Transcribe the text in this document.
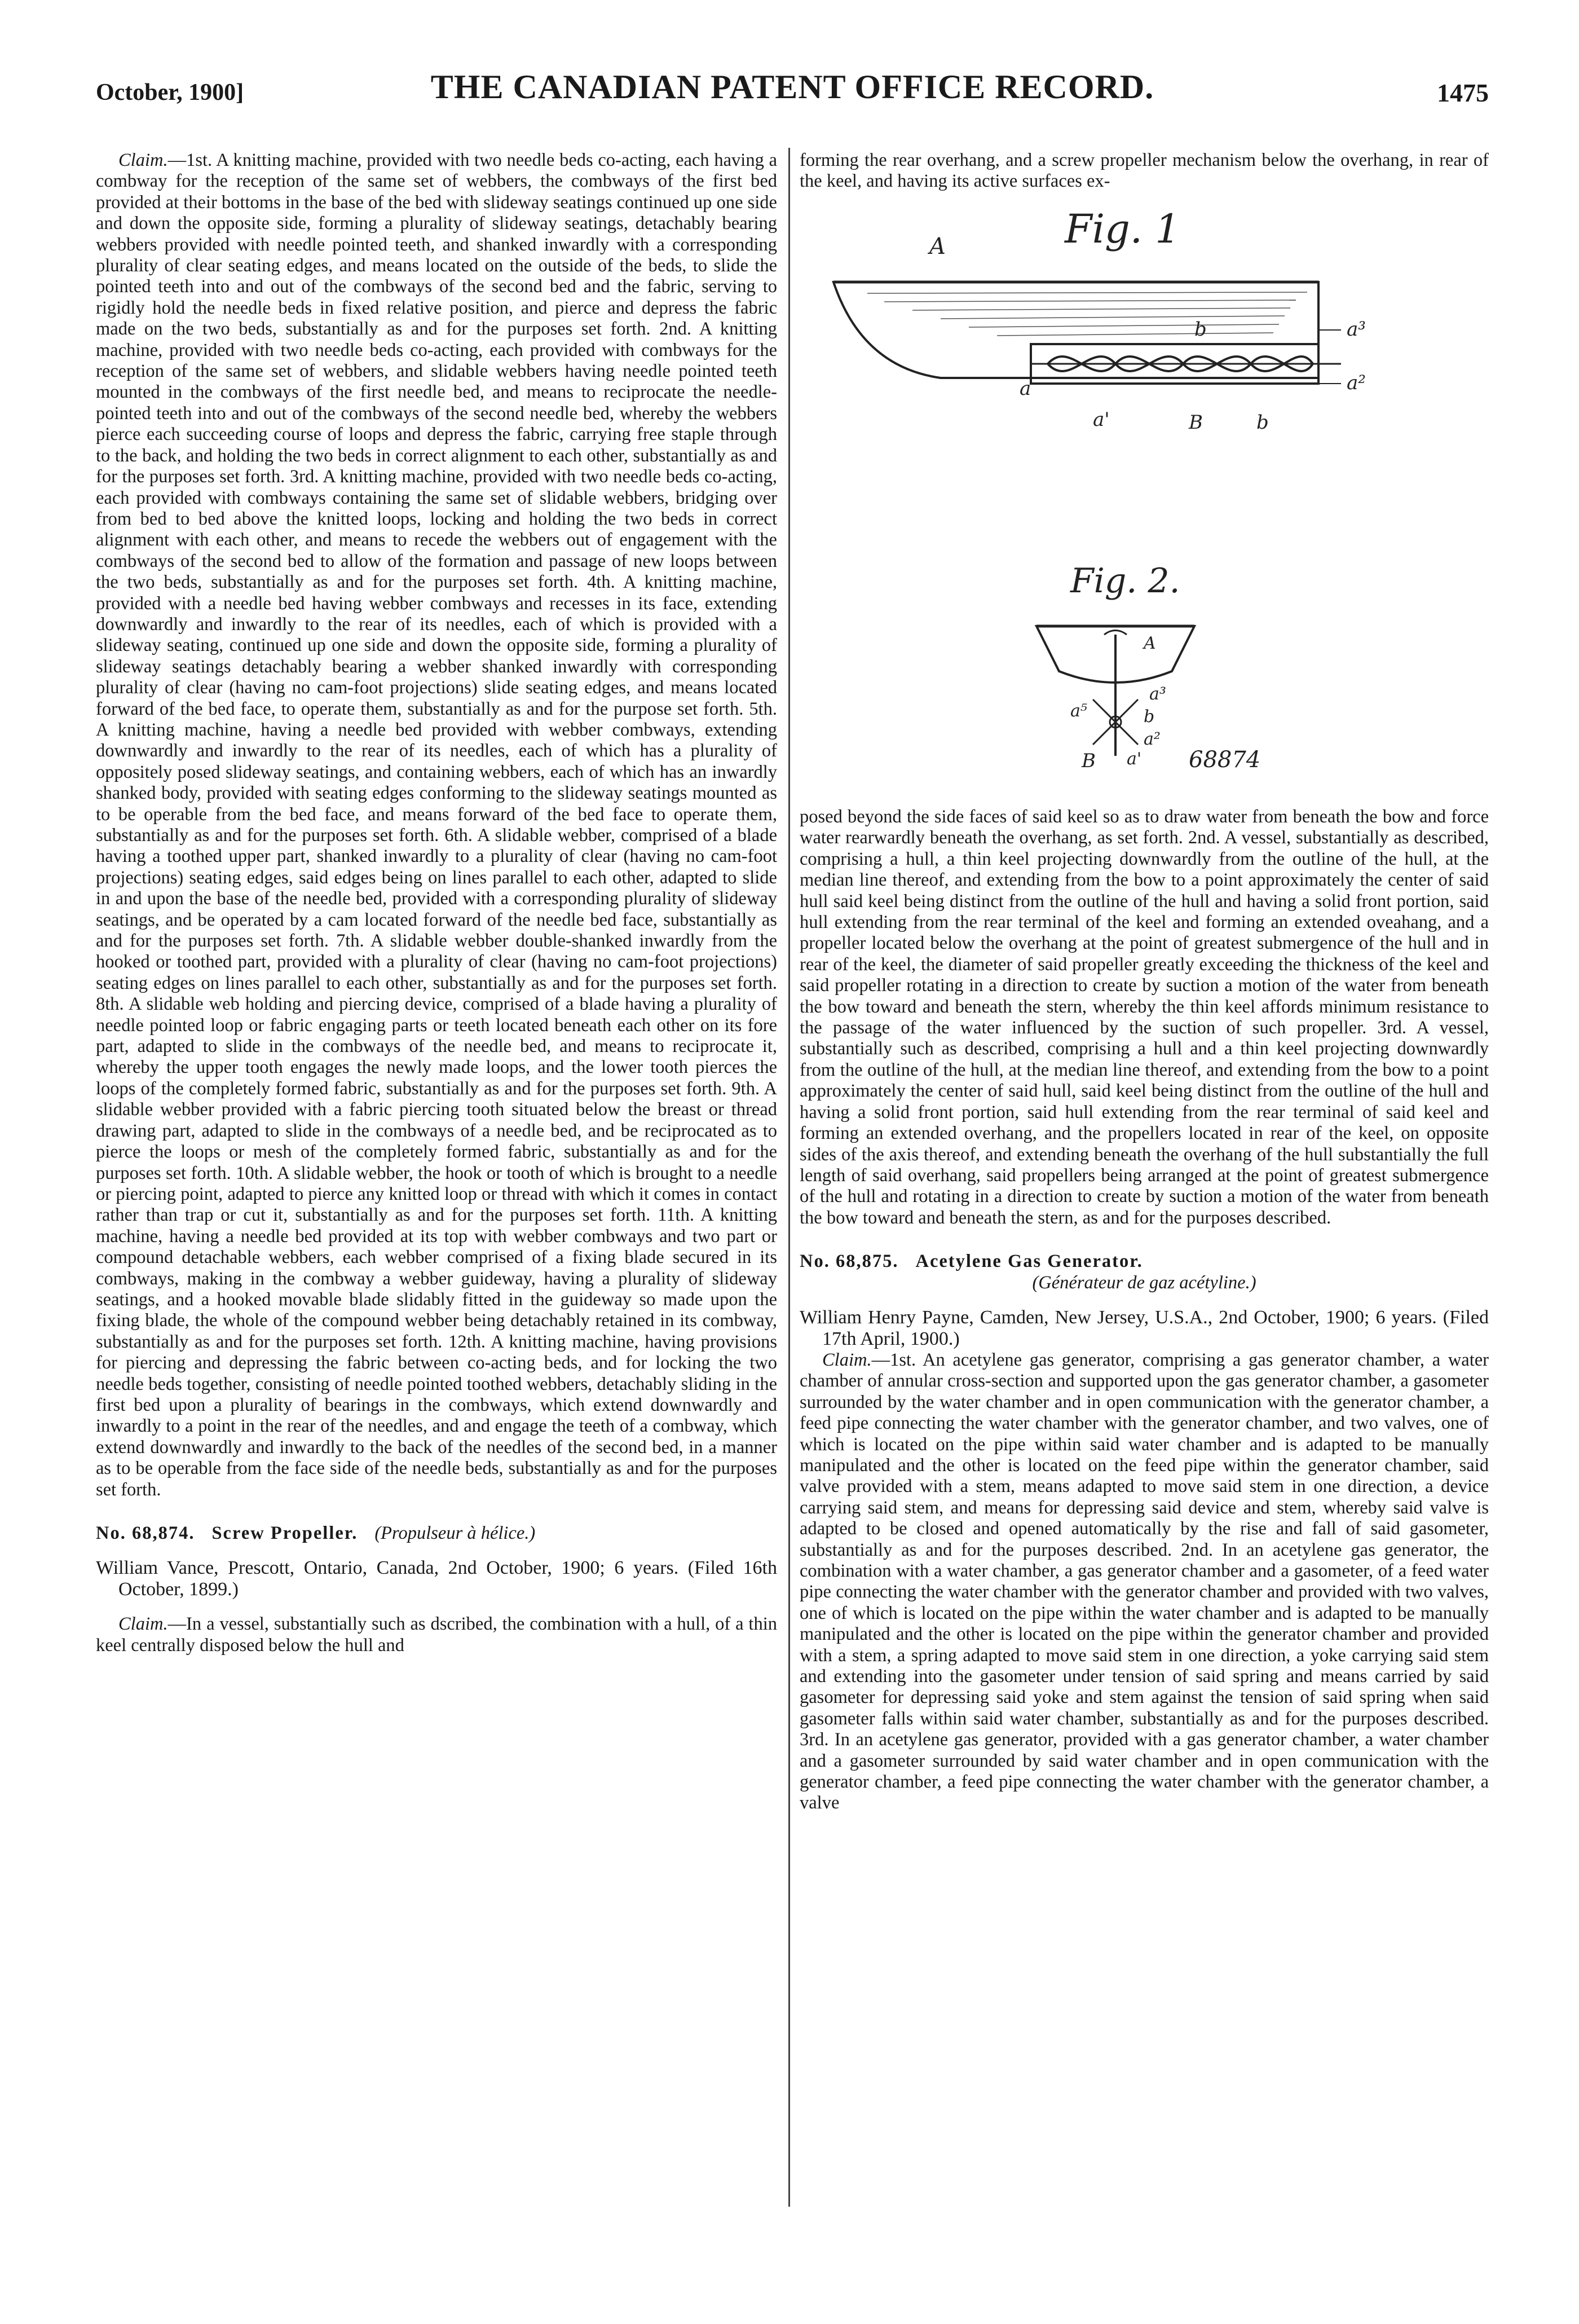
October, 1900]	THE CANADIAN PATENT OFFICE RECORD.	1475

Claim.—1st. A knitting machine, provided with two needle beds co-acting, each having a combway for the reception of the same set of webbers, the combways of the first bed provided at their bottoms in the base of the bed with slideway seatings continued up one side and down the opposite side, forming a plurality of slideway seatings, detachably bearing webbers provided with needle pointed teeth, and shanked inwardly with a corresponding plurality of clear seating edges, and means located on the outside of the beds, to slide the pointed teeth into and out of the combways of the second bed and the fabric, serving to rigidly hold the needle beds in fixed relative position, and pierce and depress the fabric made on the two beds, substantially as and for the purposes set forth. 2nd. A knitting machine, provided with two needle beds co-acting, each provided with combways for the reception of the same set of webbers, and slidable webbers having needle pointed teeth mounted in the combways of the first needle bed, and means to reciprocate the needle-pointed teeth into and out of the combways of the second needle bed, whereby the webbers pierce each succeeding course of loops and depress the fabric, carrying free staple through to the back, and holding the two beds in correct alignment to each other, substantially as and for the purposes set forth. 3rd. A knitting machine, provided with two needle beds co-acting, each provided with combways containing the same set of slidable webbers, bridging over from bed to bed above the knitted loops, locking and holding the two beds in correct alignment with each other, and means to recede the webbers out of engagement with the combways of the second bed to allow of the formation and passage of new loops between the two beds, substantially as and for the purposes set forth. 4th. A knitting machine, provided with a needle bed having webber combways and recesses in its face, extending downwardly and inwardly to the rear of its needles, each of which is provided with a slideway seating, continued up one side and down the opposite side, forming a plurality of slideway seatings detachably bearing a webber shanked inwardly with corresponding plurality of clear (having no cam-foot projections) slide seating edges, and means located forward of the bed face, to operate them, substantially as and for the purpose set forth. 5th. A knitting machine, having a needle bed provided with webber combways, extending downwardly and inwardly to the rear of its needles, each of which has a plurality of oppositely posed slideway seatings, and containing webbers, each of which has an inwardly shanked body, provided with seating edges conforming to the slideway seatings mounted as to be operable from the bed face, and means forward of the bed face to operate them, substantially as and for the purposes set forth. 6th. A slidable webber, comprised of a blade having a toothed upper part, shanked inwardly to a plurality of clear (having no cam-foot projections) seating edges, said edges being on lines parallel to each other, adapted to slide in and upon the base of the needle bed, provided with a corresponding plurality of slideway seatings, and be operated by a cam located forward of the needle bed face, substantially as and for the purposes set forth. 7th. A slidable webber double-shanked inwardly from the hooked or toothed part, provided with a plurality of clear (having no cam-foot projections) seating edges on lines parallel to each other, substantially as and for the purposes set forth. 8th. A slidable web holding and piercing device, comprised of a blade having a plurality of needle pointed loop or fabric engaging parts or teeth located beneath each other on its fore part, adapted to slide in the combways of the needle bed, and means to reciprocate it, whereby the upper tooth engages the newly made loops, and the lower tooth pierces the loops of the completely formed fabric, substantially as and for the purposes set forth. 9th. A slidable webber provided with a fabric piercing tooth situated below the breast or thread drawing part, adapted to slide in the combways of a needle bed, and be reciprocated as to pierce the loops or mesh of the completely formed fabric, substantially as and for the purposes set forth. 10th. A slidable webber, the hook or tooth of which is brought to a needle or piercing point, adapted to pierce any knitted loop or thread with which it comes in contact rather than trap or cut it, substantially as and for the purposes set forth. 11th. A knitting machine, having a needle bed provided at its top with webber combways and two part or compound detachable webbers, each webber comprised of a fixing blade secured in its combways, making in the combway a webber guideway, having a plurality of slideway seatings, and a hooked movable blade slidably fitted in the guideway so made upon the fixing blade, the whole of the compound webber being detachably retained in its combway, substantially as and for the purposes set forth. 12th. A knitting machine, having provisions for piercing and depressing the fabric between co-acting beds, and for locking the two needle beds together, consisting of needle pointed toothed webbers, detachably sliding in the first bed upon a plurality of bearings in the combways, which extend downwardly and inwardly to a point in the rear of the needles, and and engage the teeth of a combway, which extend downwardly and inwardly to the back of the needles of the second bed, in a manner as to be operable from the face side of the needle beds, substantially as and for the purposes set forth.

No. 68,874. Screw Propeller. (Propulseur à hélice.)

William Vance, Prescott, Ontario, Canada, 2nd October, 1900; 6 years. (Filed 16th October, 1899.)

Claim.—In a vessel, substantially such as dscribed, the combination with a hull, of a thin keel centrally disposed below the hull and

forming the rear overhang, and a screw propeller mechanism below the overhang, in rear of the keel, and having its active surfaces ex-

Fig. 1
A
b	a³
a	a²
a'	B	b
Fig. 2.
A
a³
a⁵	b
a²
B a' 68874

posed beyond the side faces of said keel so as to draw water from beneath the bow and force water rearwardly beneath the overhang, as set forth. 2nd. A vessel, substantially as described, comprising a hull, a thin keel projecting downwardly from the outline of the hull, at the median line thereof, and extending from the bow to a point approximately the center of said hull said keel being distinct from the outline of the hull and having a solid front portion, said hull extending from the rear terminal of the keel and forming an extended oveahang, and a propeller located below the overhang at the point of greatest submergence of the hull and in rear of the keel, the diameter of said propeller greatly exceeding the thickness of the keel and said propeller rotating in a direction to create by suction a motion of the water from beneath the bow toward and beneath the stern, whereby the thin keel affords minimum resistance to the passage of the water influenced by the suction of such propeller. 3rd. A vessel, substantially such as described, comprising a hull and a thin keel projecting downwardly from the outline of the hull, at the median line thereof, and extending from the bow to a point approximately the center of said hull, said keel being distinct from the outline of the hull and having a solid front portion, said hull extending from the rear terminal of said keel and forming an extended overhang, and the propellers located in rear of the keel, on opposite sides of the axis thereof, and extending beneath the overhang of the hull substantially the full length of said overhang, said propellers being arranged at the point of greatest submergence of the hull and rotating in a direction to create by suction a motion of the water from beneath the bow toward and beneath the stern, as and for the purposes described.

No. 68,875. Acetylene Gas Generator.

(Générateur de gaz acétyline.)

William Henry Payne, Camden, New Jersey, U.S.A., 2nd October, 1900; 6 years. (Filed 17th April, 1900.)

Claim.—1st. An acetylene gas generator, comprising a gas generator chamber, a water chamber of annular cross-section and supported upon the gas generator chamber, a gasometer surrounded by the water chamber and in open communication with the generator chamber, a feed pipe connecting the water chamber with the generator chamber, and two valves, one of which is located on the pipe within said water chamber and is adapted to be manually manipulated and the other is located on the feed pipe within the generator chamber, said valve provided with a stem, means adapted to move said stem in one direction, a device carrying said stem, and means for depressing said device and stem, whereby said valve is adapted to be closed and opened automatically by the rise and fall of said gasometer, substantially as and for the purposes described. 2nd. In an acetylene gas generator, the combination with a water chamber, a gas generator chamber and a gasometer, of a feed water pipe connecting the water chamber with the generator chamber and provided with two valves, one of which is located on the pipe within the water chamber and is adapted to be manually manipulated and the other is located on the pipe within the generator chamber and provided with a stem, a spring adapted to move said stem in one direction, a yoke carrying said stem and extending into the gasometer under tension of said spring and means carried by said gasometer for depressing said yoke and stem against the tension of said spring when said gasometer falls within said water chamber, substantially as and for the purposes described. 3rd. In an acetylene gas generator, provided with a gas generator chamber, a water chamber and a gasometer surrounded by said water chamber and in open communication with the generator chamber, a feed pipe connecting the water chamber with the generator chamber, a valve
